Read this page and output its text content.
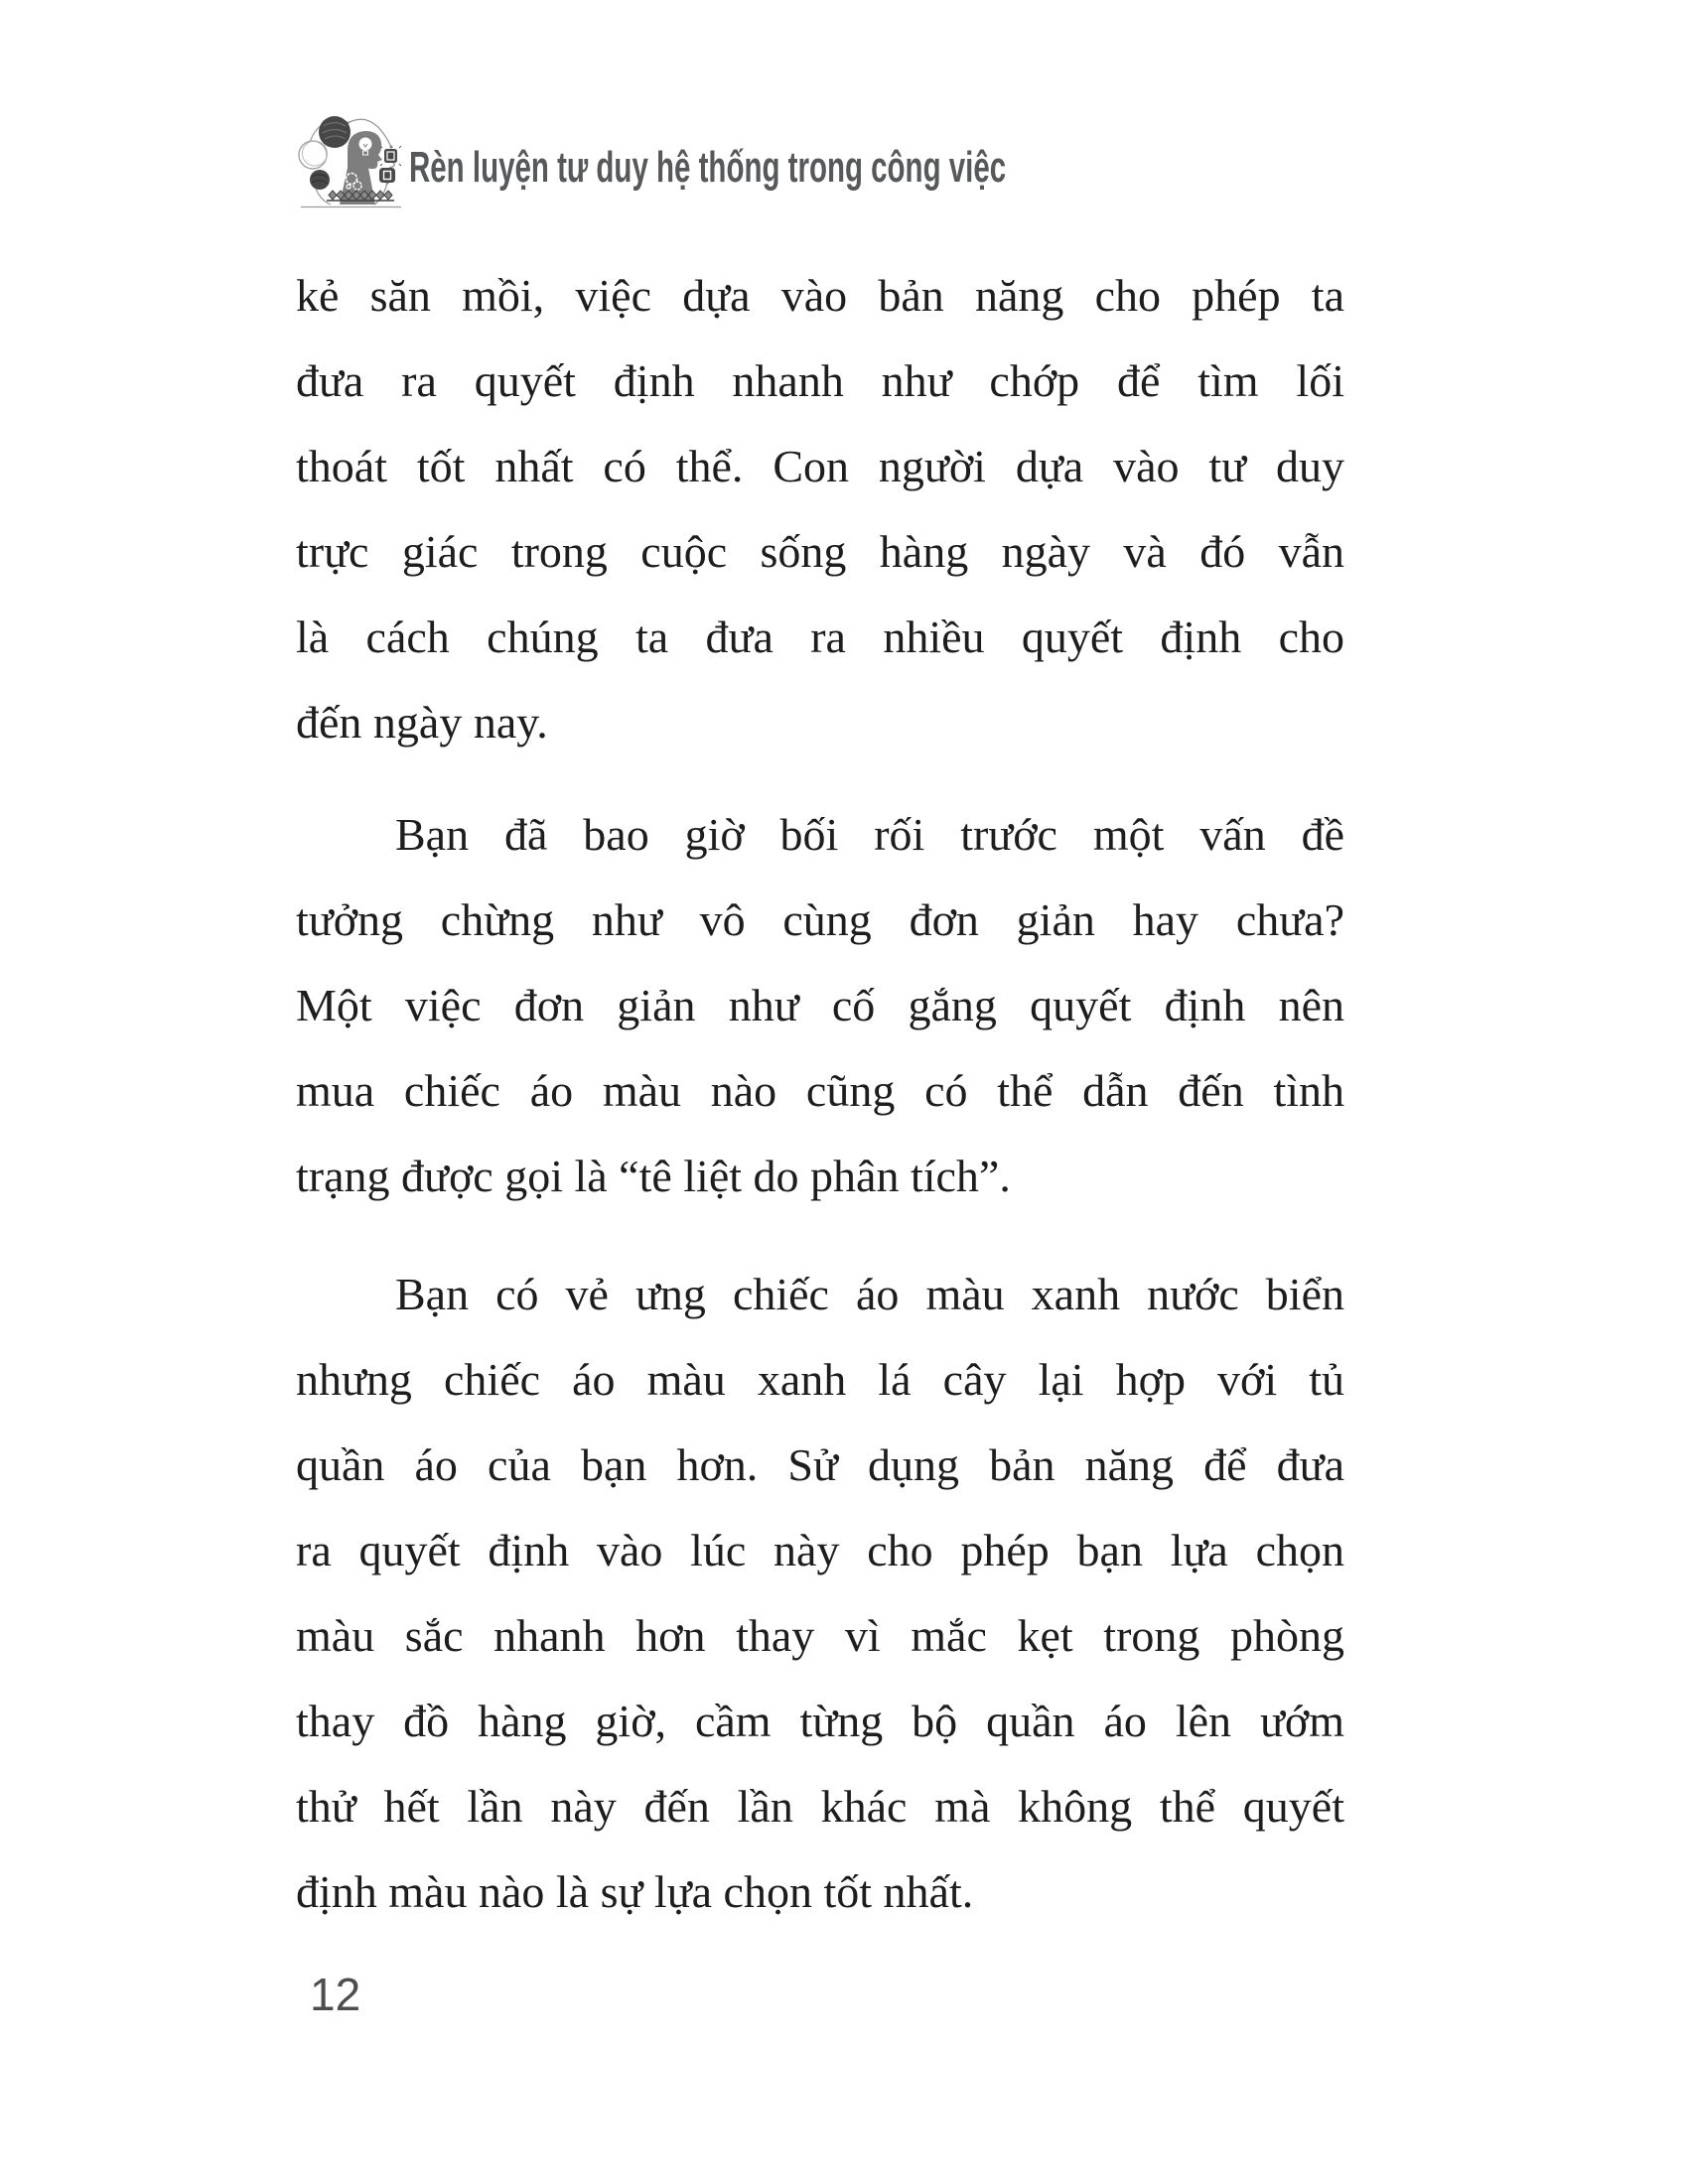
Rèn luyện tư duy hệ thống trong công việc
kẻ săn mồi, việc dựa vào bản năng cho phép ta
đưa ra quyết định nhanh như chớp để tìm lối
thoát tốt nhất có thể. Con người dựa vào tư duy
trực giác trong cuộc sống hàng ngày và đó vẫn
là cách chúng ta đưa ra nhiều quyết định cho
đến ngày nay.
Bạn đã bao giờ bối rối trước một vấn đề
tưởng chừng như vô cùng đơn giản hay chưa?
Một việc đơn giản như cố gắng quyết định nên
mua chiếc áo màu nào cũng có thể dẫn đến tình
trạng được gọi là “tê liệt do phân tích”.
Bạn có vẻ ưng chiếc áo màu xanh nước biển
nhưng chiếc áo màu xanh lá cây lại hợp với tủ
quần áo của bạn hơn. Sử dụng bản năng để đưa
ra quyết định vào lúc này cho phép bạn lựa chọn
màu sắc nhanh hơn thay vì mắc kẹt trong phòng
thay đồ hàng giờ, cầm từng bộ quần áo lên ướm
thử hết lần này đến lần khác mà không thể quyết
định màu nào là sự lựa chọn tốt nhất.
12
